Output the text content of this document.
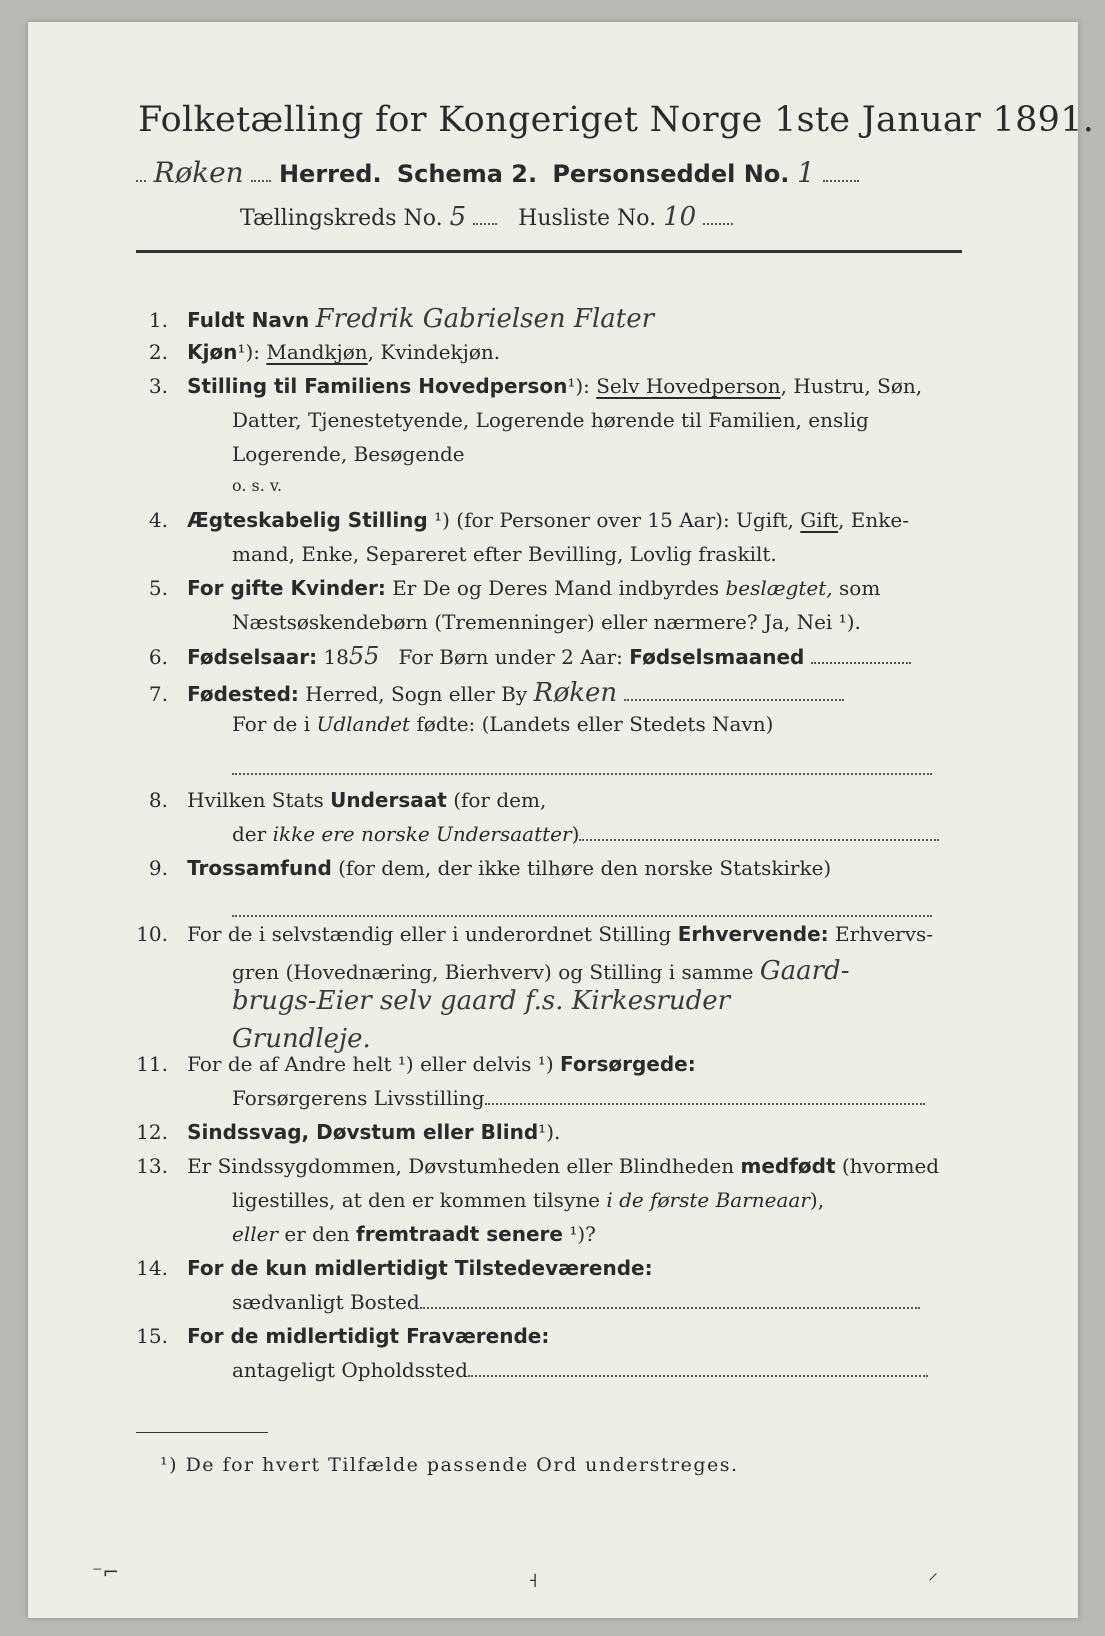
Folketælling for Kongeriget Norge 1ste Januar 1891.
Røken Herred. Schema 2. Personseddel No. 1
Tællingskreds No. 5 Husliste No. 10
1. Fuldt Navn Fredrik Gabrielsen Flater
2. Kjøn¹): Mandkjøn, Kvindekjøn.
3. Stilling til Familiens Hovedperson¹): Selv Hovedperson, Hustru, Søn,
Datter, Tjenestetyende, Logerende hørende til Familien, enslig
Logerende, Besøgende
o. s. v.
4. Ægteskabelig Stilling ¹) (for Personer over 15 Aar): Ugift, Gift, Enke-
mand, Enke, Separeret efter Bevilling, Lovlig fraskilt.
5. For gifte Kvinder: Er De og Deres Mand indbyrdes beslægtet, som
Næstsøskendebørn (Tremenninger) eller nærmere? Ja, Nei ¹).
6. Fødselsaar: 1855 For Børn under 2 Aar: Fødselsmaaned
7. Fødested: Herred, Sogn eller By Røken
For de i Udlandet fødte: (Landets eller Stedets Navn)
8. Hvilken Stats Undersaat (for dem,
der ikke ere norske Undersaatter)
9. Trossamfund (for dem, der ikke tilhøre den norske Statskirke)
10. For de i selvstændig eller i underordnet Stilling Erhvervende: Erhvervs-
gren (Hovednæring, Bierhverv) og Stilling i samme Gaard-
brugs-Eier selv gaard f.s. Kirkesruder
Grundleje.
11. For de af Andre helt ¹) eller delvis ¹) Forsørgede:
Forsørgerens Livsstilling
12. Sindssvag, Døvstum eller Blind¹).
13. Er Sindssygdommen, Døvstumheden eller Blindheden medfødt (hvormed
ligestilles, at den er kommen tilsyne i de første Barneaar),
eller er den fremtraadt senere ¹)?
14. For de kun midlertidigt Tilstedeværende:
sædvanligt Bosted
15. For de midlertidigt Fraværende:
antageligt Opholdssted
¹) De for hvert Tilfælde passende Ord understreges.
⁻⌐	˧	⸝
